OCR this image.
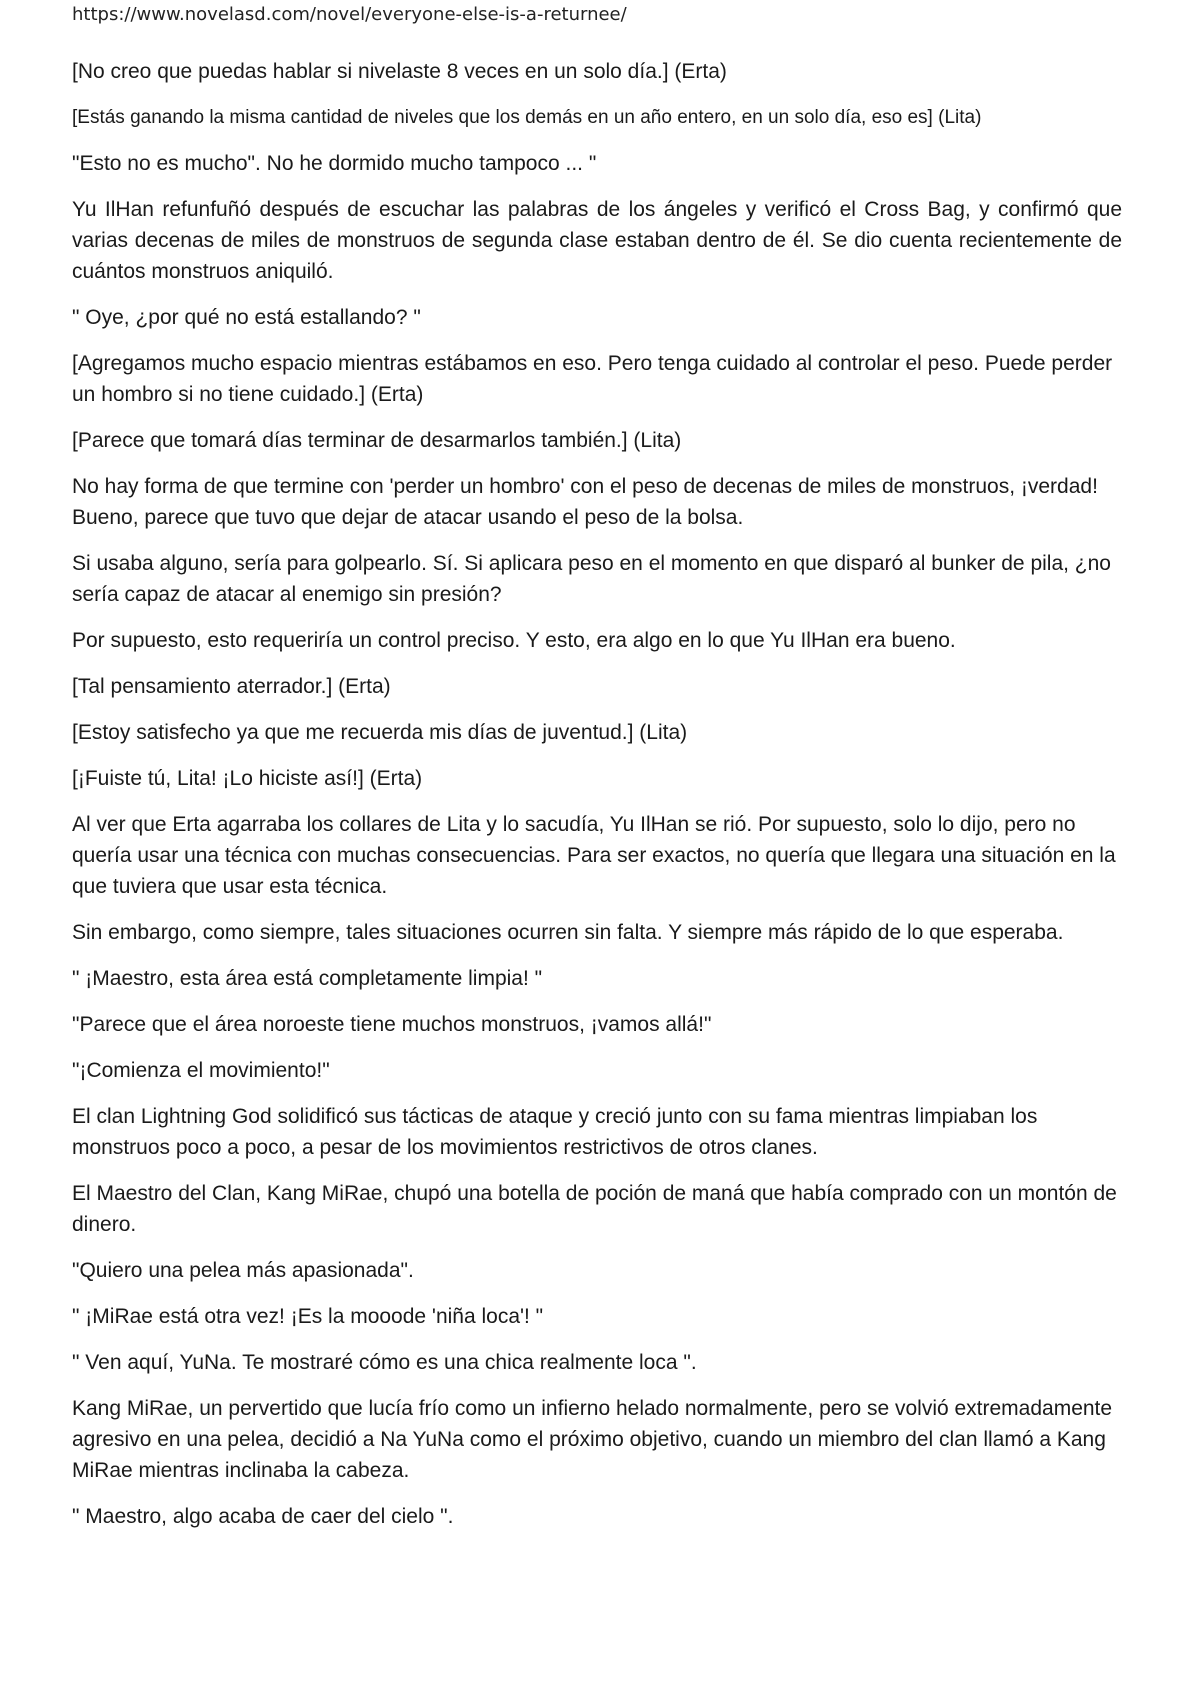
https://www.novelasd.com/novel/everyone-else-is-a-returnee/

[No creo que puedas hablar si nivelaste 8 veces en un solo día.] (Erta)

[Estás ganando la misma cantidad de niveles que los demás en un año entero, en un solo día, eso es] (Lita)

"Esto no es mucho". No he dormido mucho tampoco ... "

Yu IlHan refunfuñó después de escuchar las palabras de los ángeles y verificó el Cross Bag, y confirmó que varias decenas de miles de monstruos de segunda clase estaban dentro de él. Se dio cuenta recientemente de cuántos monstruos aniquiló.

" Oye, ¿por qué no está estallando? "

[Agregamos mucho espacio mientras estábamos en eso. Pero tenga cuidado al controlar el peso. Puede perder un hombro si no tiene cuidado.] (Erta)

[Parece que tomará días terminar de desarmarlos también.] (Lita)

No hay forma de que termine con 'perder un hombro' con el peso de decenas de miles de monstruos, ¡verdad! Bueno, parece que tuvo que dejar de atacar usando el peso de la bolsa.

Si usaba alguno, sería para golpearlo. Sí. Si aplicara peso en el momento en que disparó al bunker de pila, ¿no sería capaz de atacar al enemigo sin presión?

Por supuesto, esto requeriría un control preciso. Y esto, era algo en lo que Yu IlHan era bueno.

[Tal pensamiento aterrador.] (Erta)

[Estoy satisfecho ya que me recuerda mis días de juventud.] (Lita)

[¡Fuiste tú, Lita! ¡Lo hiciste así!] (Erta)

Al ver que Erta agarraba los collares de Lita y lo sacudía, Yu IlHan se rió. Por supuesto, solo lo dijo, pero no quería usar una técnica con muchas consecuencias. Para ser exactos, no quería que llegara una situación en la que tuviera que usar esta técnica.

Sin embargo, como siempre, tales situaciones ocurren sin falta. Y siempre más rápido de lo que esperaba.

" ¡Maestro, esta área está completamente limpia! "

"Parece que el área noroeste tiene muchos monstruos, ¡vamos allá!"

"¡Comienza el movimiento!"

El clan Lightning God solidificó sus tácticas de ataque y creció junto con su fama mientras limpiaban los monstruos poco a poco, a pesar de los movimientos restrictivos de otros clanes.

El Maestro del Clan, Kang MiRae, chupó una botella de poción de maná que había comprado con un montón de dinero.

"Quiero una pelea más apasionada".

" ¡MiRae está otra vez! ¡Es la mooode 'niña loca'! "

" Ven aquí, YuNa. Te mostraré cómo es una chica realmente loca ".

Kang MiRae, un pervertido que lucía frío como un infierno helado normalmente, pero se volvió extremadamente agresivo en una pelea, decidió a Na YuNa como el próximo objetivo, cuando un miembro del clan llamó a Kang MiRae mientras inclinaba la cabeza.

" Maestro, algo acaba de caer del cielo ".
